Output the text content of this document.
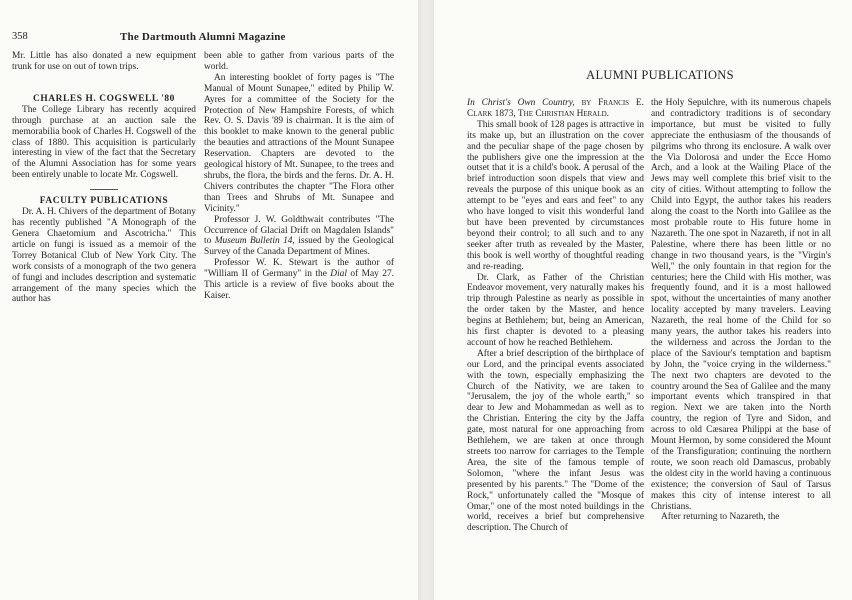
358	The Dartmouth Alumni Magazine

Mr. Little has also donated a new equipment trunk for use on out of town trips.

CHARLES H. COGSWELL '80

The College Library has recently acquired through purchase at an auction sale the memorabilia book of Charles H. Cogswell of the class of 1880. This acquisition is particularly interesting in view of the fact that the Secretary of the Alumni Association has for some years been entirely unable to locate Mr. Cogswell.

FACULTY PUBLICATIONS

Dr. A. H. Chivers of the department of Botany has recently published "A Monograph of the Genera Chaetomium and Ascotricha." This article on fungi is issued as a memoir of the Torrey Botanical Club of New York City. The work consists of a monograph of the two genera of fungi and includes description and systematic arrangement of the many species which the author has

been able to gather from various parts of the world.

An interesting booklet of forty pages is "The Manual of Mount Sunapee," edited by Philip W. Ayres for a committee of the Society for the Protection of New Hampshire Forests, of which Rev. O. S. Davis '89 is chairman. It is the aim of this booklet to make known to the general public the beauties and attractions of the Mount Sunapee Reservation. Chapters are devoted to the geological history of Mt. Sunapee, to the trees and shrubs, the flora, the birds and the ferns. Dr. A. H. Chivers contributes the chapter "The Flora other than Trees and Shrubs of Mt. Sunapee and Vicinity."

Professor J. W. Goldthwait contributes "The Occurrence of Glacial Drift on Magdalen Islands" to Museum Bulletin 14, issued by the Geological Survey of the Canada Department of Mines.

Professor W. K. Stewart is the author of "William II of Germany" in the Dial of May 27. This article is a review of five books about the Kaiser.

ALUMNI PUBLICATIONS

In Christ's Own Country, by Francis E. Clark 1873, The Christian Herald.

This small book of 128 pages is attractive in its make up, but an illustration on the cover and the peculiar shape of the page chosen by the publishers give one the impression at the outset that it is a child's book. A perusal of the brief introduction soon dispels that view and reveals the purpose of this unique book as an attempt to be "eyes and ears and feet" to any who have longed to visit this wonderful land but have been prevented by circumstances beyond their control; to all such and to any seeker after truth as revealed by the Master, this book is well worthy of thoughtful reading and re-reading.

Dr. Clark, as Father of the Christian Endeavor movement, very naturally makes his trip through Palestine as nearly as possible in the order taken by the Master, and hence begins at Bethlehem; but, being an American, his first chapter is devoted to a pleasing account of how he reached Bethlehem.

After a brief description of the birthplace of our Lord, and the principal events associated with the town, especially emphasizing the Church of the Nativity, we are taken to "Jerusalem, the joy of the whole earth," so dear to Jew and Mohammedan as well as to the Christian. Entering the city by the Jaffa gate, most natural for one approaching from Bethlehem, we are taken at once through streets too narrow for carriages to the Temple Area, the site of the famous temple of Solomon, "where the infant Jesus was presented by his parents." The "Dome of the Rock," unfortunately called the "Mosque of Omar," one of the most noted buildings in the world, receives a brief but comprehensive description. The Church of

the Holy Sepulchre, with its numerous chapels and contradictory traditions is of secondary importance, but must be visited to fully appreciate the enthusiasm of the thousands of pilgrims who throng its enclosure. A walk over the Via Dolorosa and under the Ecce Homo Arch, and a look at the Wailing Place of the Jews may well complete this brief visit to the city of cities. Without attempting to follow the Child into Egypt, the author takes his readers along the coast to the North into Galilee as the most probable route to His future home in Nazareth. The one spot in Nazareth, if not in all Palestine, where there has been little or no change in two thousand years, is the "Virgin's Well," the only fountain in that region for the centuries; here the Child with His mother, was frequently found, and it is a most hallowed spot, without the uncertainties of many another locality accepted by many travelers. Leaving Nazareth, the real home of the Child for so many years, the author takes his readers into the wilderness and across the Jordan to the place of the Saviour's temptation and baptism by John, the "voice crying in the wilderness." The next two chapters are devoted to the country around the Sea of Galilee and the many important events which transpired in that region. Next we are taken into the North country, the region of Tyre and Sidon, and across to old Cæsarea Philippi at the base of Mount Hermon, by some considered the Mount of the Transfiguration; continuing the northern route, we soon reach old Damascus, probably the oldest city in the world having a continuous existence; the conversion of Saul of Tarsus makes this city of intense interest to all Christians.

After returning to Nazareth, the
